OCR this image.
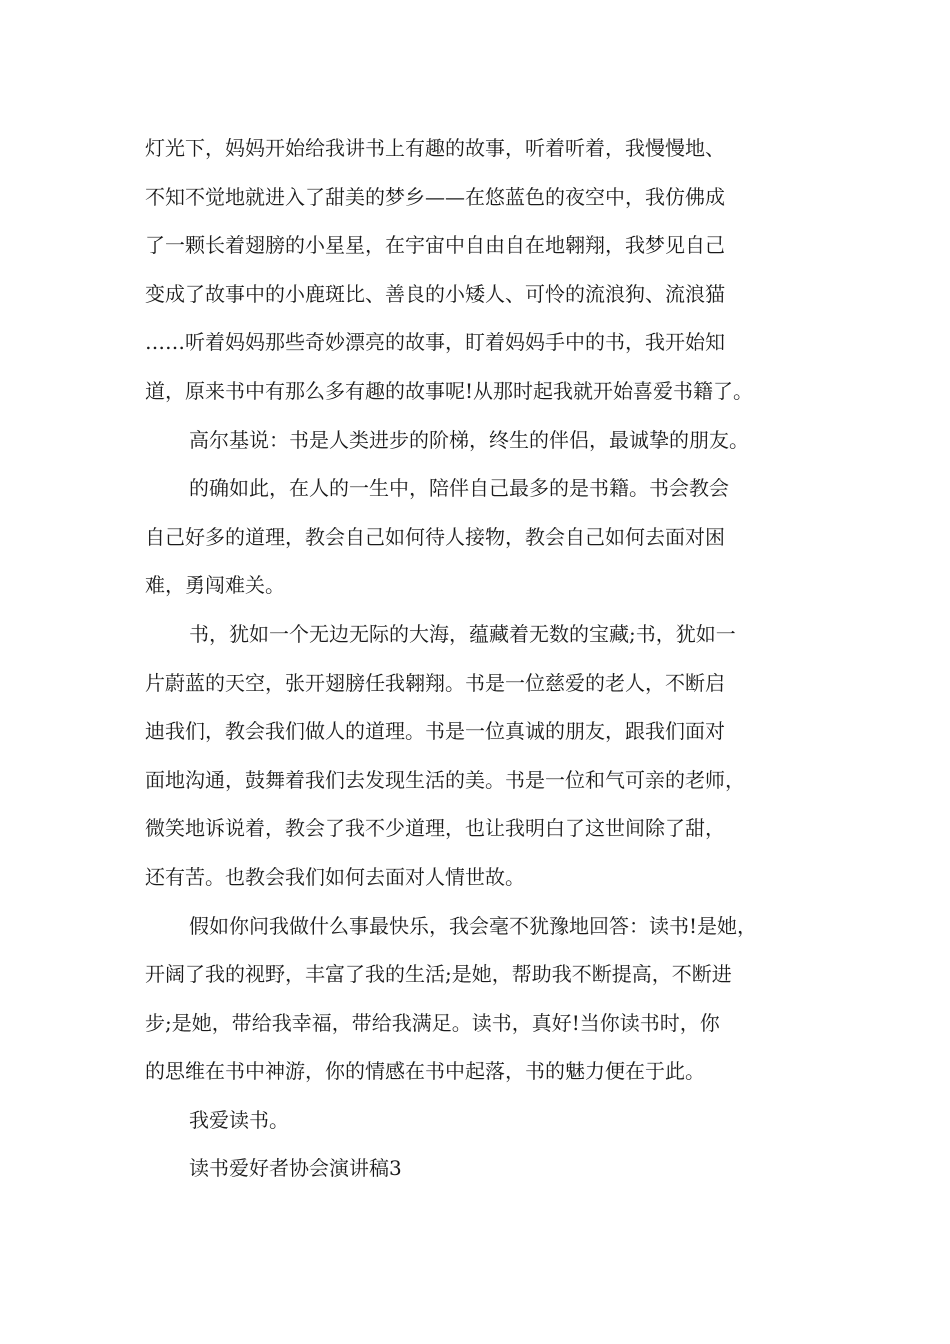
灯光下，妈妈开始给我讲书上有趣的故事，听着听着，我慢慢地、
不知不觉地就进入了甜美的梦乡——在悠蓝色的夜空中，我仿佛成
了一颗长着翅膀的小星星，在宇宙中自由自在地翱翔，我梦见自己
变成了故事中的小鹿斑比、善良的小矮人、可怜的流浪狗、流浪猫
……听着妈妈那些奇妙漂亮的故事，盯着妈妈手中的书，我开始知
道，原来书中有那么多有趣的故事呢!从那时起我就开始喜爱书籍了。
高尔基说：书是人类进步的阶梯，终生的伴侣，最诚挚的朋友。
的确如此，在人的一生中，陪伴自己最多的是书籍。书会教会
自己好多的道理，教会自己如何待人接物，教会自己如何去面对困
难，勇闯难关。
书，犹如一个无边无际的大海，蕴藏着无数的宝藏;书，犹如一
片蔚蓝的天空，张开翅膀任我翱翔。书是一位慈爱的老人，不断启
迪我们，教会我们做人的道理。书是一位真诚的朋友，跟我们面对
面地沟通，鼓舞着我们去发现生活的美。书是一位和气可亲的老师，
微笑地诉说着，教会了我不少道理，也让我明白了这世间除了甜，
还有苦。也教会我们如何去面对人情世故。
假如你问我做什么事最快乐，我会毫不犹豫地回答：读书!是她，
开阔了我的视野，丰富了我的生活;是她，帮助我不断提高，不断进
步;是她，带给我幸福，带给我满足。读书，真好!当你读书时，你
的思维在书中神游，你的情感在书中起落，书的魅力便在于此。
我爱读书。
读书爱好者协会演讲稿3
